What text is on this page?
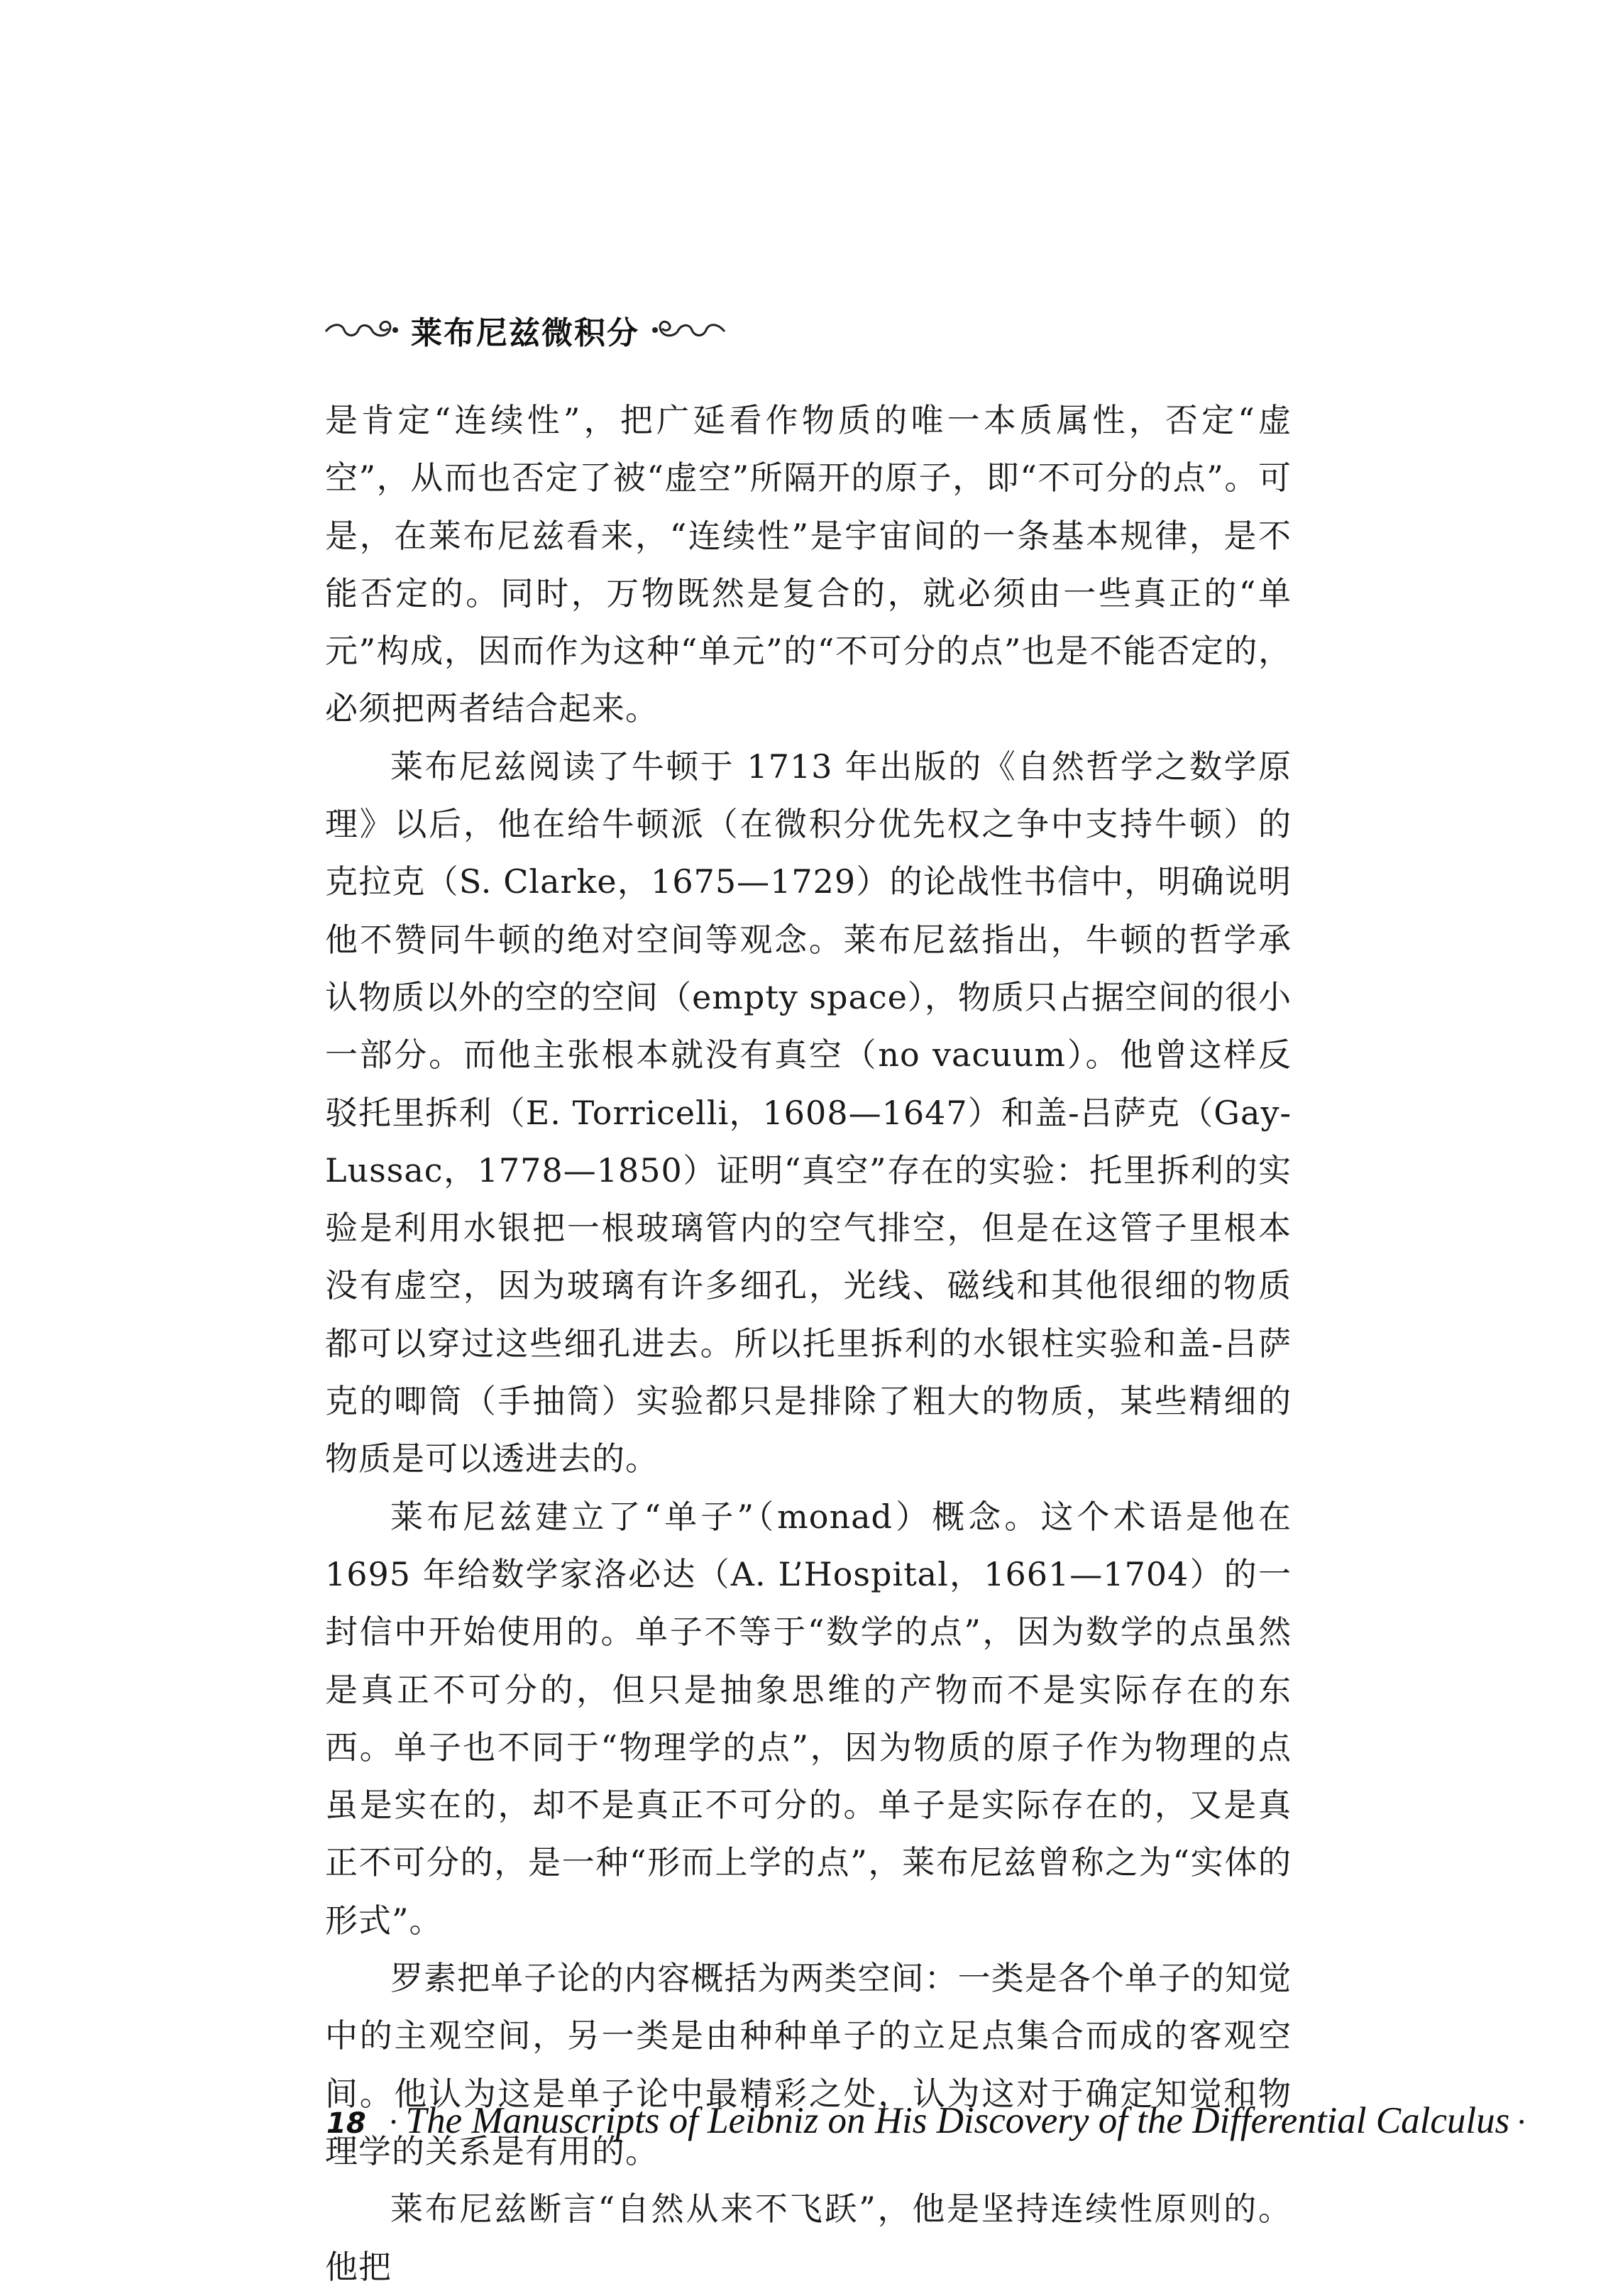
莱布尼兹微积分

是肯定“连续性”，把广延看作物质的唯一本质属性，否定“虚空”，从而也否定了被“虚空”所隔开的原子，即“不可分的点”。可是，在莱布尼兹看来，“连续性”是宇宙间的一条基本规律，是不能否定的。同时，万物既然是复合的，就必须由一些真正的“单元”构成，因而作为这种“单元”的“不可分的点”也是不能否定的，必须把两者结合起来。

莱布尼兹阅读了牛顿于 1713 年出版的《自然哲学之数学原理》以后，他在给牛顿派（在微积分优先权之争中支持牛顿）的克拉克（S. Clarke，1675—1729）的论战性书信中，明确说明他不赞同牛顿的绝对空间等观念。莱布尼兹指出，牛顿的哲学承认物质以外的空的空间（empty space），物质只占据空间的很小一部分。而他主张根本就没有真空（no vacuum）。他曾这样反驳托里拆利（E. Torricelli，1608—1647）和盖-吕萨克（Gay-Lussac，1778—1850）证明“真空”存在的实验：托里拆利的实验是利用水银把一根玻璃管内的空气排空，但是在这管子里根本没有虚空，因为玻璃有许多细孔，光线、磁线和其他很细的物质都可以穿过这些细孔进去。所以托里拆利的水银柱实验和盖-吕萨克的唧筒（手抽筒）实验都只是排除了粗大的物质，某些精细的物质是可以透进去的。

莱布尼兹建立了“单子”（monad）概念。这个术语是他在 1695 年给数学家洛必达（A. L’Hospital，1661—1704）的一封信中开始使用的。单子不等于“数学的点”，因为数学的点虽然是真正不可分的，但只是抽象思维的产物而不是实际存在的东西。单子也不同于“物理学的点”，因为物质的原子作为物理的点虽是实在的，却不是真正不可分的。单子是实际存在的，又是真正不可分的，是一种“形而上学的点”，莱布尼兹曾称之为“实体的形式”。

罗素把单子论的内容概括为两类空间：一类是各个单子的知觉中的主观空间，另一类是由种种单子的立足点集合而成的客观空间。他认为这是单子论中最精彩之处，认为这对于确定知觉和物理学的关系是有用的。

莱布尼兹断言“自然从来不飞跃”，他是坚持连续性原则的。他把

18 · The Manuscripts of Leibniz on His Discovery of the Differential Calculus ·
